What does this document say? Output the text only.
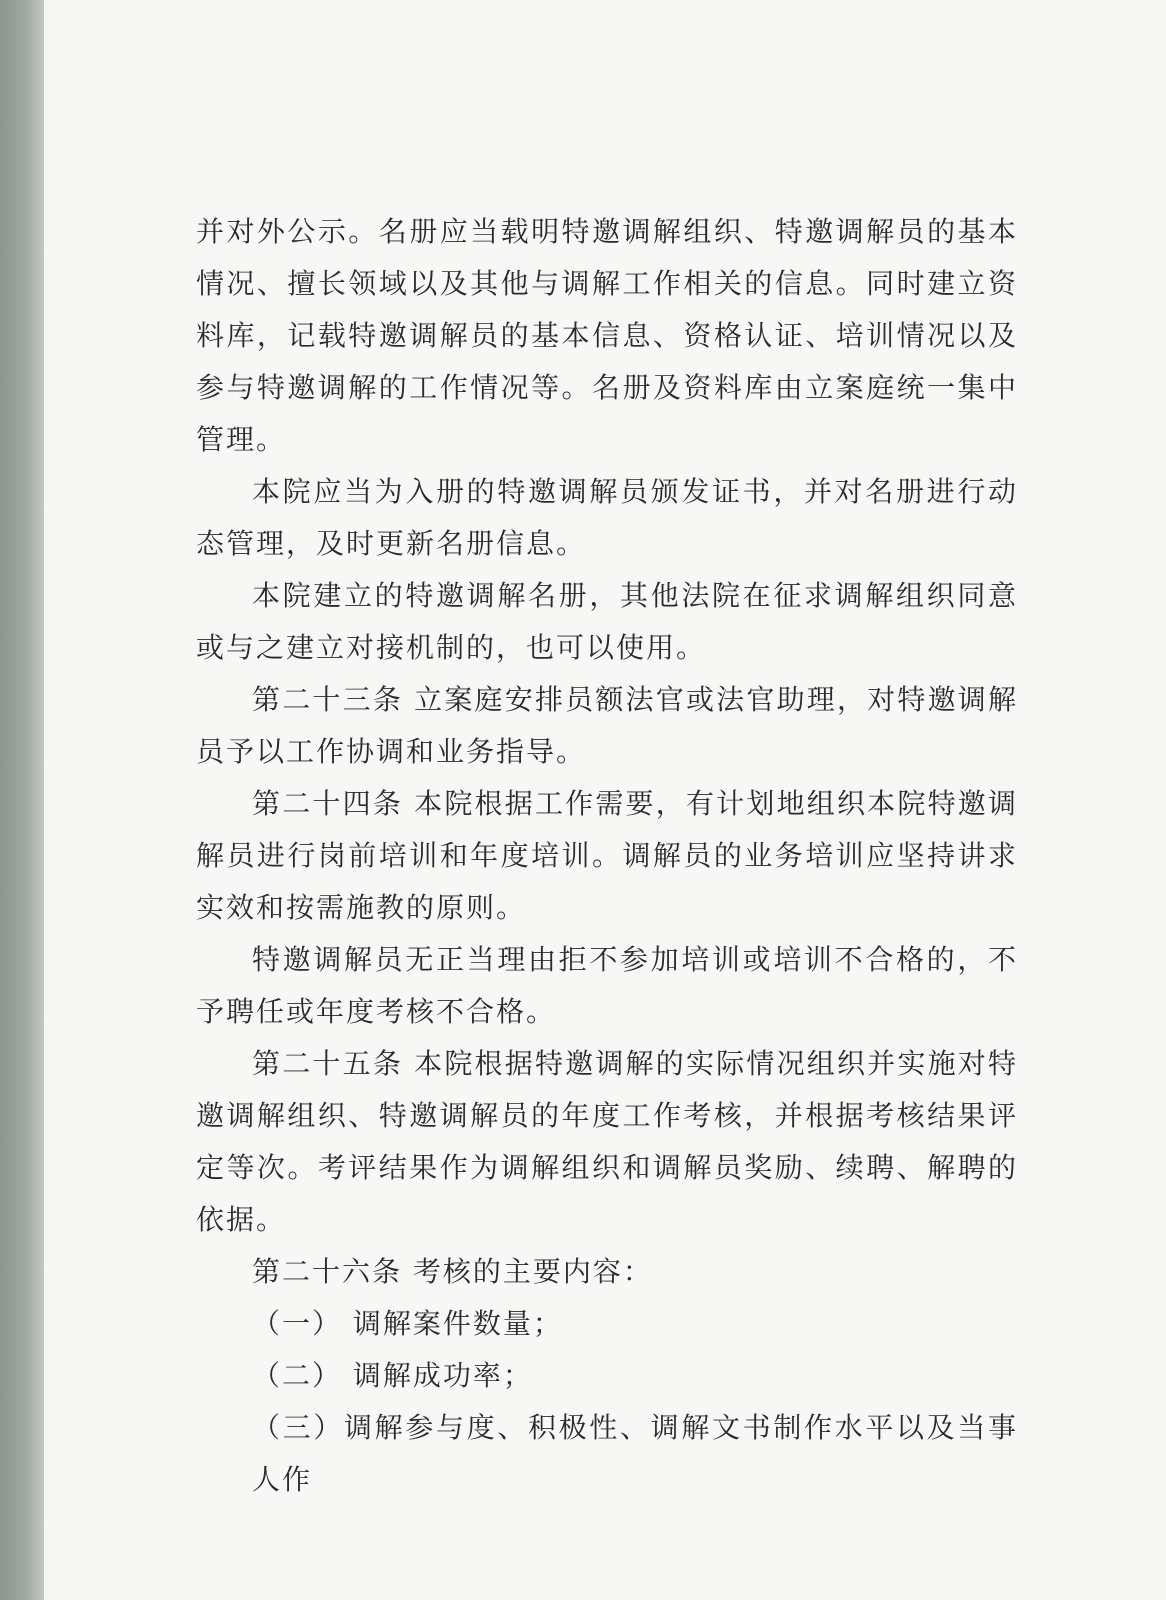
并对外公示。名册应当载明特邀调解组织、特邀调解员的基本情况、擅长领域以及其他与调解工作相关的信息。同时建立资料库，记载特邀调解员的基本信息、资格认证、培训情况以及参与特邀调解的工作情况等。名册及资料库由立案庭统一集中管理。

本院应当为入册的特邀调解员颁发证书，并对名册进行动态管理，及时更新名册信息。

本院建立的特邀调解名册，其他法院在征求调解组织同意或与之建立对接机制的，也可以使用。

第二十三条 立案庭安排员额法官或法官助理，对特邀调解员予以工作协调和业务指导。

第二十四条 本院根据工作需要，有计划地组织本院特邀调解员进行岗前培训和年度培训。调解员的业务培训应坚持讲求实效和按需施教的原则。

特邀调解员无正当理由拒不参加培训或培训不合格的，不予聘任或年度考核不合格。

第二十五条 本院根据特邀调解的实际情况组织并实施对特邀调解组织、特邀调解员的年度工作考核，并根据考核结果评定等次。考评结果作为调解组织和调解员奖励、续聘、解聘的依据。

第二十六条 考核的主要内容：

（一） 调解案件数量；

（二） 调解成功率；

（三）调解参与度、积极性、调解文书制作水平以及当事人作
